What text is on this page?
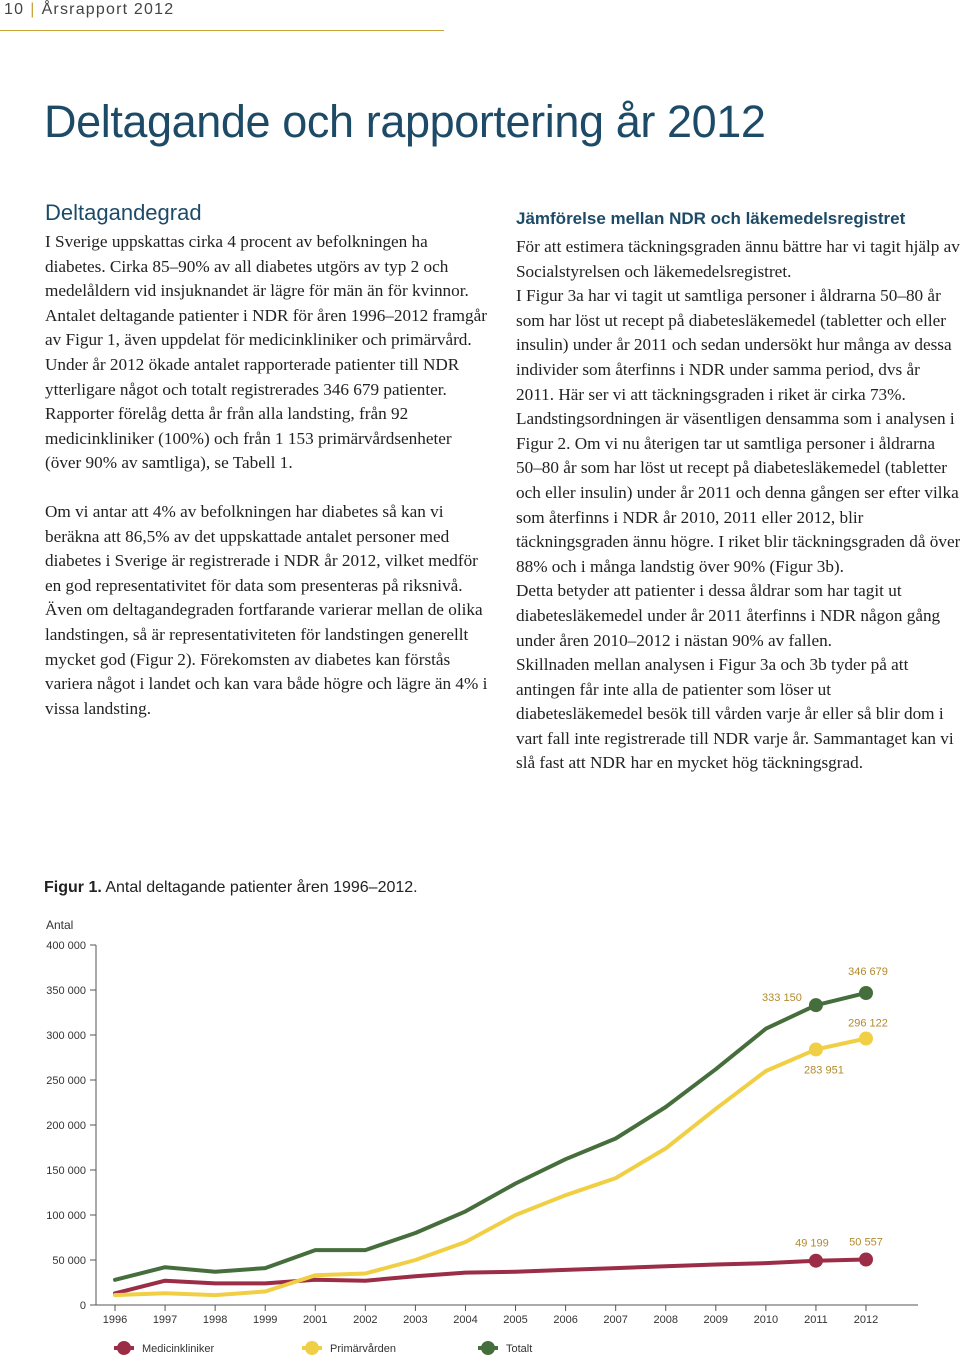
10 | Årsrapport 2012
Deltagande och rapportering år 2012
Deltagandegrad

I Sverige uppskattas cirka 4 procent av befolkningen ha diabetes. Cirka 85–90% av all diabetes utgörs av typ 2 och medelåldern vid insjuknandet är lägre för män än för kvinnor. Antalet deltagande patienter i NDR för åren 1996–2012 framgår av Figur 1, även uppdelat för medicinkliniker och primärvård. Under år 2012 ökade antalet rapporterade patienter till NDR ytterligare något och totalt registrerades 346 679 patienter. Rapporter förelåg detta år från alla landsting, från 92 medicinkliniker (100%) och från 1 153 primärvårdsenheter (över 90% av samtliga), se Tabell 1.

Om vi antar att 4% av befolkningen har diabetes så kan vi beräkna att 86,5% av det uppskattade antalet personer med diabetes i Sverige är registrerade i NDR år 2012, vilket medför en god representativitet för data som presenteras på riksnivå. Även om deltagandegraden fortfarande varierar mellan de olika landstingen, så är representativiteten för landstingen generellt mycket god (Figur 2). Förekomsten av diabetes kan förstås variera något i landet och kan vara både högre och lägre än 4% i vissa landsting.

Jämförelse mellan NDR och läkemedelsregistret

För att estimera täckningsgraden ännu bättre har vi tagit hjälp av Socialstyrelsen och läkemedelsregistret.

I Figur 3a har vi tagit ut samtliga personer i åldrarna 50–80 år som har löst ut recept på diabetesläkemedel (tabletter och eller insulin) under år 2011 och sedan undersökt hur många av dessa individer som återfinns i NDR under samma period, dvs år 2011. Här ser vi att täckningsgraden i riket är cirka 73%. Landstingsordningen är väsentligen densamma som i analysen i Figur 2. Om vi nu återigen tar ut samtliga personer i åldrarna 50–80 år som har löst ut recept på diabetesläkemedel (tabletter och eller insulin) under år 2011 och denna gången ser efter vilka som återfinns i NDR år 2010, 2011 eller 2012, blir täckningsgraden ännu högre. I riket blir täckningsgraden då över 88% och i många landstig över 90% (Figur 3b).

Detta betyder att patienter i dessa åldrar som har tagit ut diabetesläkemedel under år 2011 återfinns i NDR någon gång under åren 2010–2012 i nästan 90% av fallen.

Skillnaden mellan analysen i Figur 3a och 3b tyder på att antingen får inte alla de patienter som löser ut diabetesläkemedel besök till vården varje år eller så blir dom i vart fall inte registrerade till NDR varje år. Sammantaget kan vi slå fast att NDR har en mycket hög täckningsgrad.

Figur 1. Antal deltagande patienter åren 1996–2012.
Antal
0
50 000
100 000
150 000
200 000
250 000
300 000
350 000
400 000
1996 1997 1998 1999 2001 2002 2003 2004 2005 2006 2007 2008 2009 2010 2011 2012
49 199 50 557
283 951
296 122
333 150
346 679
Medicinkliniker	Primärvården	Totalt
